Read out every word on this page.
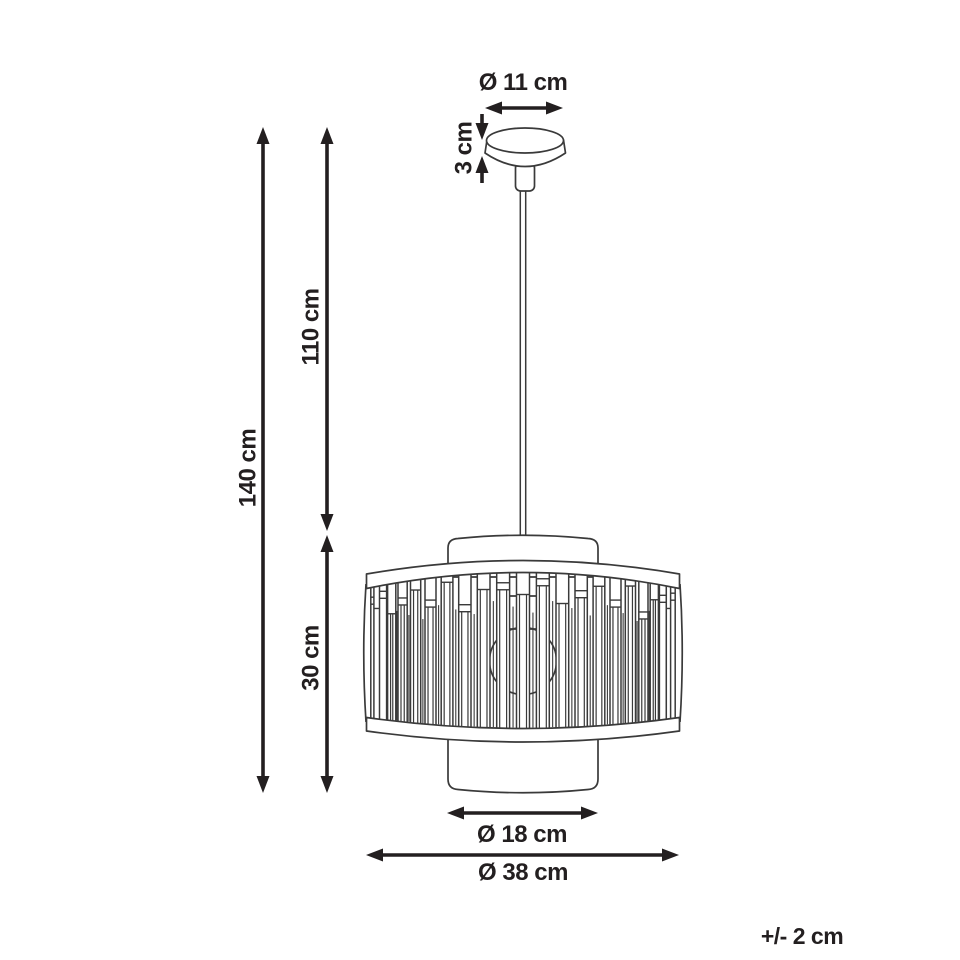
140 cm
110 cm
30 cm
Ø 11 cm
3 cm
Ø 18 cm
Ø 38 cm
+/- 2 cm
